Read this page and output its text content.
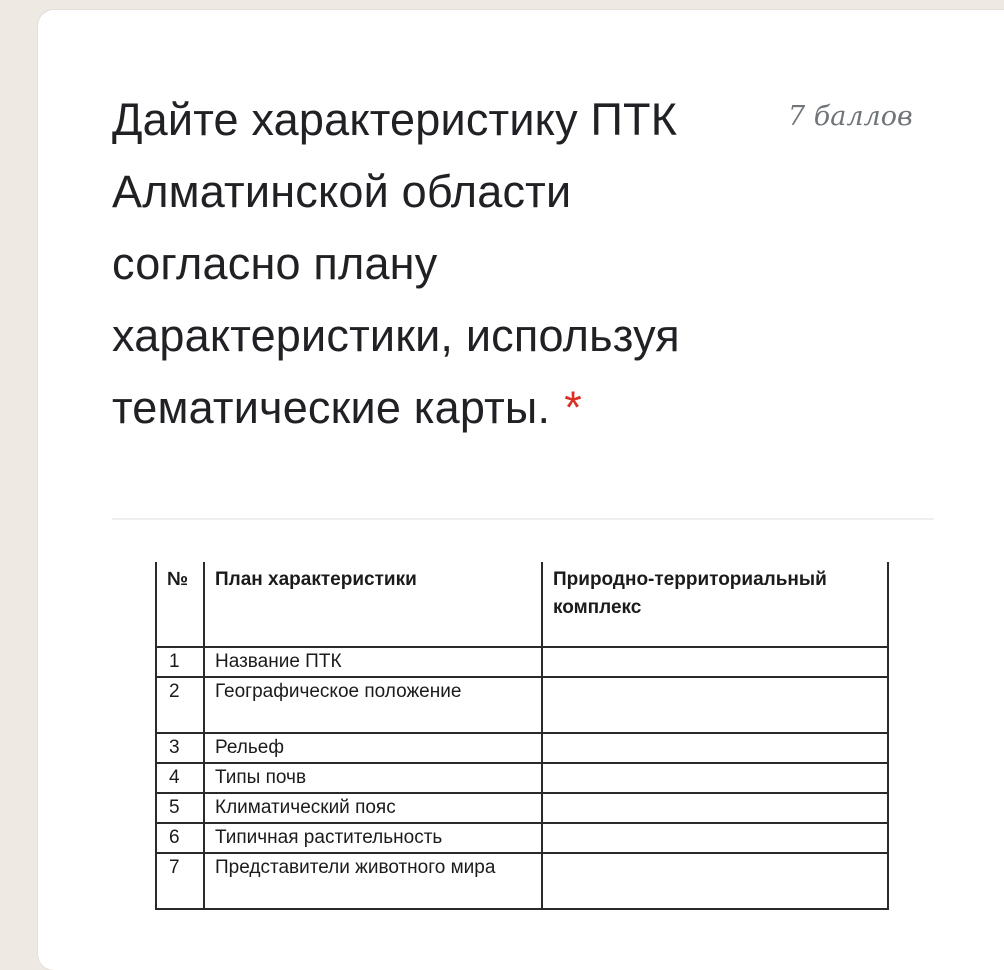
Дайте характеристику ПТК
Алматинской области
согласно плану
характеристики, используя
тематические карты. *
7 баллов
№	План характеристики	Природно-территориальный комплекс
1	Название ПТК	
2	Географическое положение	
3	Рельеф	
4	Типы почв	
5	Климатический пояс	
6	Типичная растительность	
7	Представители животного мира	
